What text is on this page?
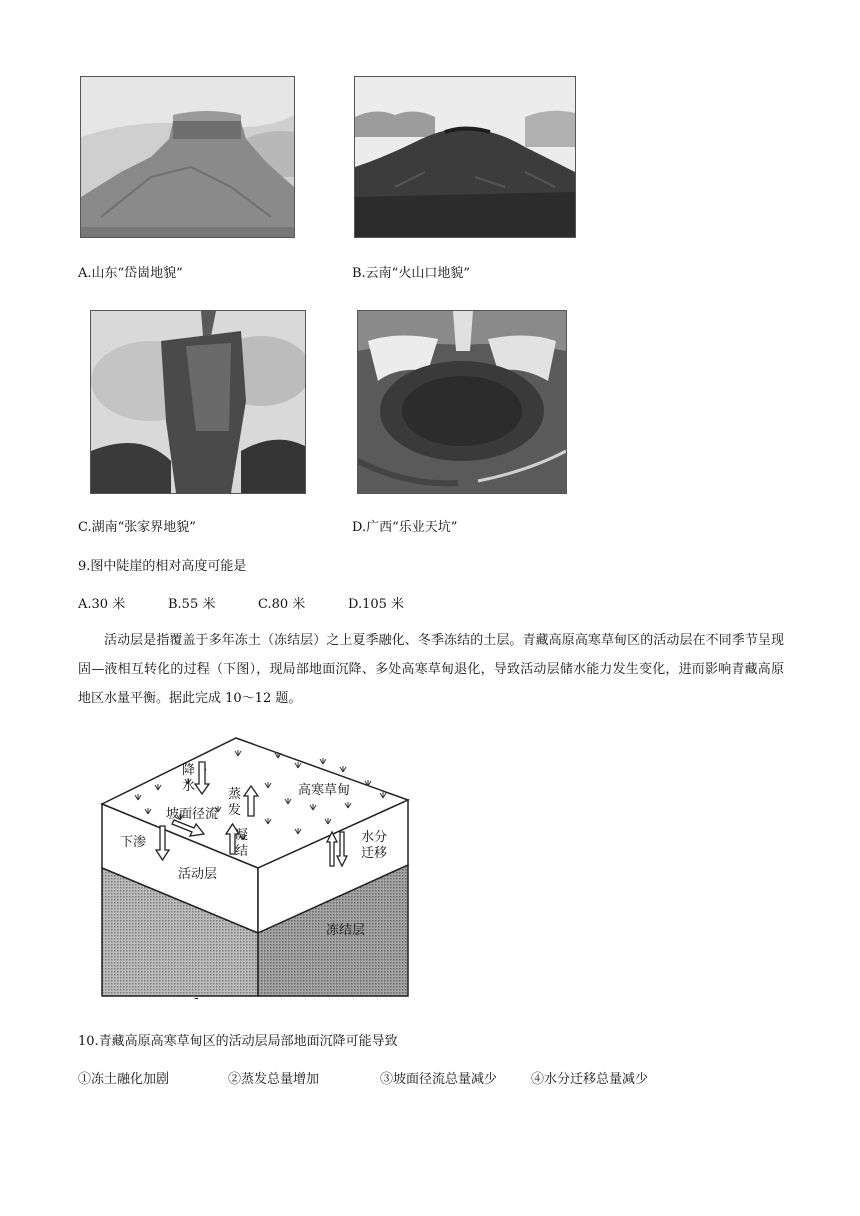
A.山东“岱崮地貌”	B.云南“火山口地貌”
C.湖南“张家界地貌”	D.广西“乐业天坑”
9.图中陡崖的相对高度可能是
A.30 米	B.55 米	C.80 米	D.105 米
活动层是指覆盖于多年冻土（冻结层）之上夏季融化、冬季冻结的土层。青藏高原高寒草甸区的活动层在不同季节呈现固—液相互转化的过程（下图），现局部地面沉降、多处高寒草甸退化，导致活动层储水能力发生变化，进而影响青藏高原地区水量平衡。据此完成 10～12 题。
降
水
蒸
发
高寒草甸
坡面径流
凝
结
下渗	水分
迁移
活动层
冻结层
-
10.青藏高原高寒草甸区的活动层局部地面沉降可能导致
①冻土融化加剧	②蒸发总量增加	③坡面径流总量减少	④水分迁移总量减少
